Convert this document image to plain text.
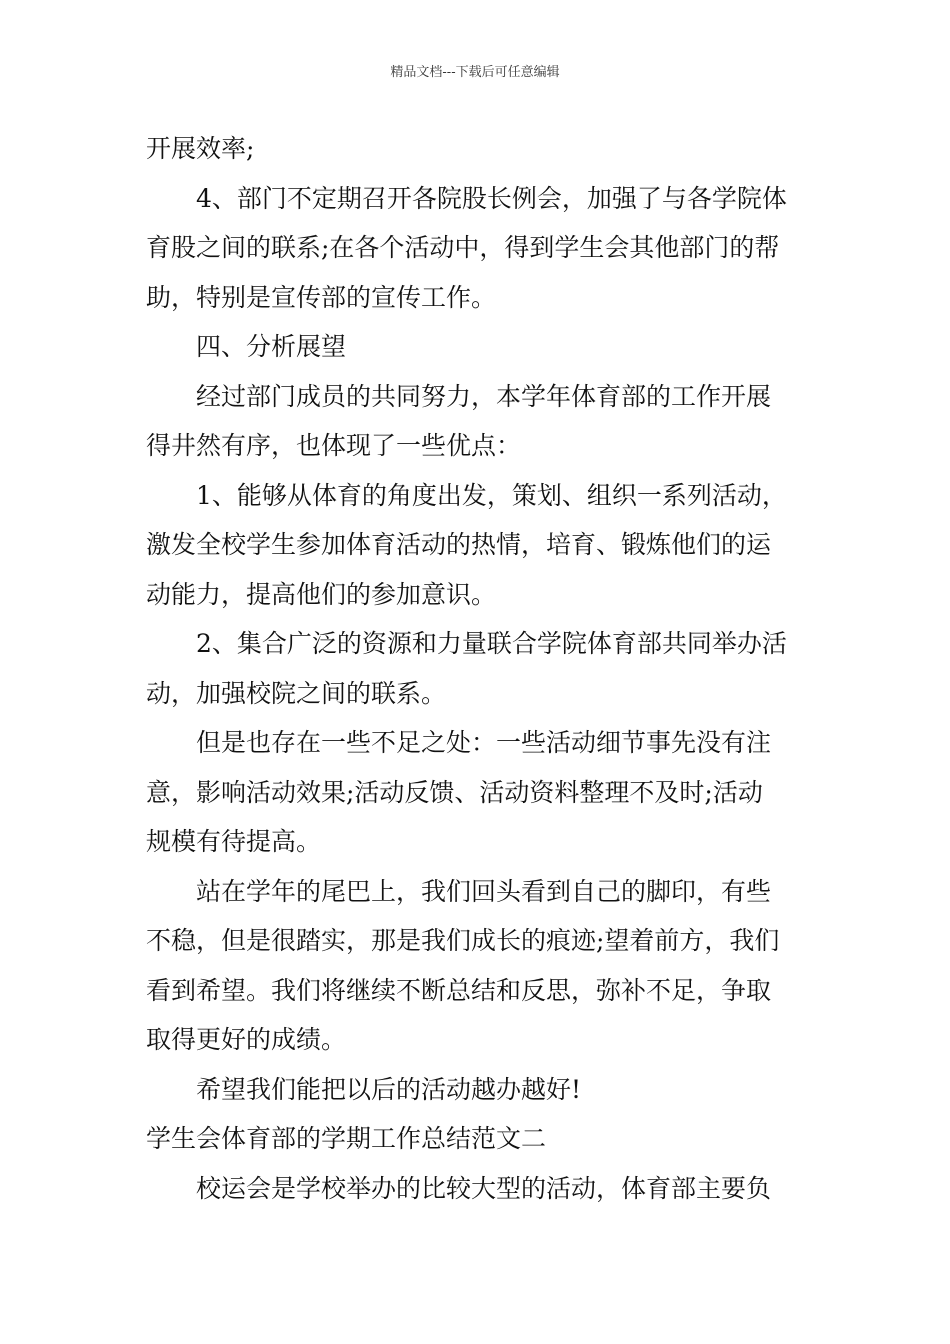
精品文档---下载后可任意编辑

开展效率;

4、部门不定期召开各院股长例会，加强了与各学院体

育股之间的联系;在各个活动中，得到学生会其他部门的帮

助，特别是宣传部的宣传工作。

四、分析展望

经过部门成员的共同努力，本学年体育部的工作开展

得井然有序，也体现了一些优点：

1、能够从体育的角度出发，策划、组织一系列活动，

激发全校学生参加体育活动的热情，培育、锻炼他们的运

动能力，提高他们的参加意识。

2、集合广泛的资源和力量联合学院体育部共同举办活

动，加强校院之间的联系。

但是也存在一些不足之处：一些活动细节事先没有注

意，影响活动效果;活动反馈、活动资料整理不及时;活动

规模有待提高。

站在学年的尾巴上，我们回头看到自己的脚印，有些

不稳，但是很踏实，那是我们成长的痕迹;望着前方，我们

看到希望。我们将继续不断总结和反思，弥补不足，争取

取得更好的成绩。

希望我们能把以后的活动越办越好!

学生会体育部的学期工作总结范文二

校运会是学校举办的比较大型的活动，体育部主要负
